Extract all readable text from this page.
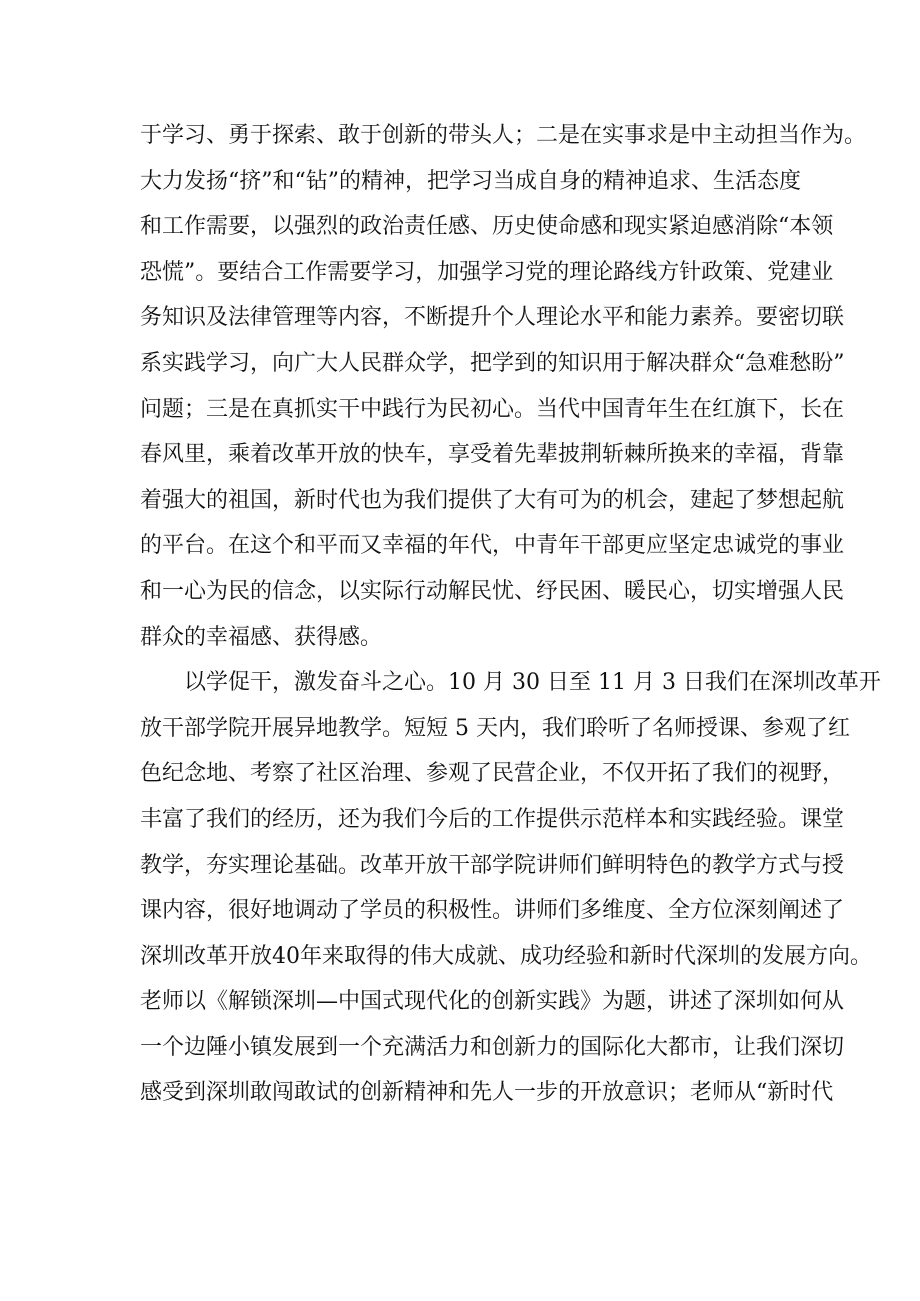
于学习、勇于探索、敢于创新的带头人；二是在实事求是中主动担当作为。
大力发扬“挤”和“钻”的精神，把学习当成自身的精神追求、生活态度
和工作需要，以强烈的政治责任感、历史使命感和现实紧迫感消除“本领
恐慌”。要结合工作需要学习，加强学习党的理论路线方针政策、党建业
务知识及法律管理等内容，不断提升个人理论水平和能力素养。要密切联
系实践学习，向广大人民群众学，把学到的知识用于解决群众“急难愁盼”
问题；三是在真抓实干中践行为民初心。当代中国青年生在红旗下，长在
春风里，乘着改革开放的快车，享受着先辈披荆斩棘所换来的幸福，背靠
着强大的祖国，新时代也为我们提供了大有可为的机会，建起了梦想起航
的平台。在这个和平而又幸福的年代，中青年干部更应坚定忠诚党的事业
和一心为民的信念，以实际行动解民忧、纾民困、暖民心，切实增强人民
群众的幸福感、获得感。

以学促干，激发奋斗之心。10 月 30 日至 11 月 3 日我们在深圳改革开
放干部学院开展异地教学。短短 5 天内，我们聆听了名师授课、参观了红
色纪念地、考察了社区治理、参观了民营企业，不仅开拓了我们的视野，
丰富了我们的经历，还为我们今后的工作提供示范样本和实践经验。课堂
教学，夯实理论基础。改革开放干部学院讲师们鲜明特色的教学方式与授
课内容，很好地调动了学员的积极性。讲师们多维度、全方位深刻阐述了
深圳改革开放40年来取得的伟大成就、成功经验和新时代深圳的发展方向。
老师以《解锁深圳—中国式现代化的创新实践》为题，讲述了深圳如何从
一个边陲小镇发展到一个充满活力和创新力的国际化大都市，让我们深切
感受到深圳敢闯敢试的创新精神和先人一步的开放意识；老师从“新时代
